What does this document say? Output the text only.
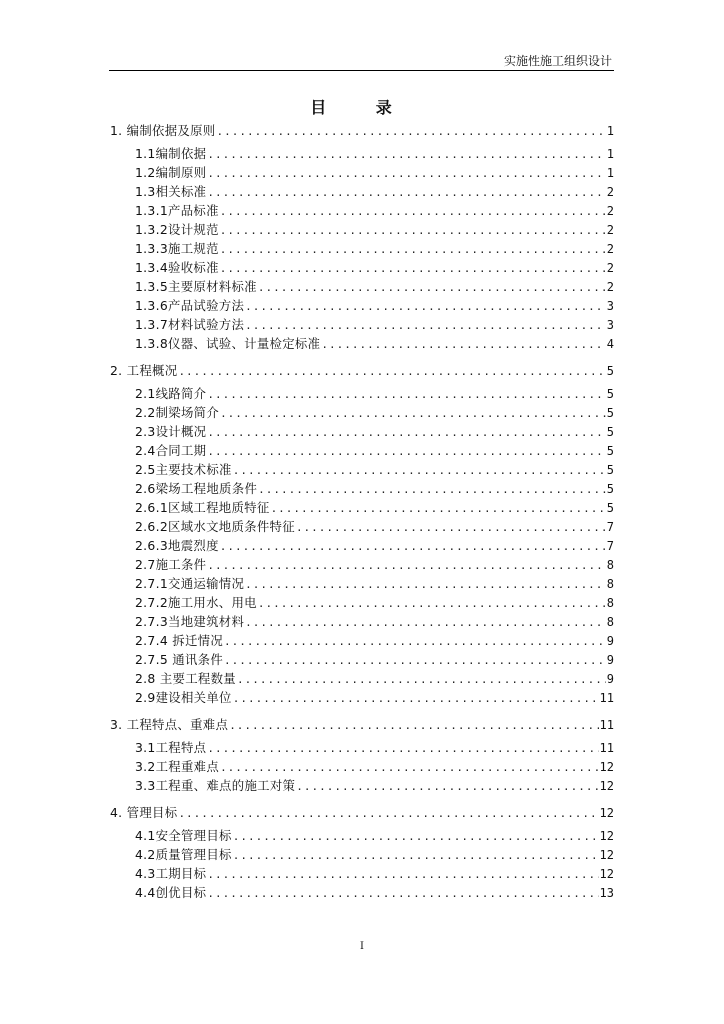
实施性施工组织设计
目 录
1. 编制依据及原则 .....	1
1.1编制依据 .....	1
1.2编制原则 .....	1
1.3相关标准 .....	2
1.3.1产品标准 .....	2
1.3.2设计规范 .....	2
1.3.3施工规范 .....	2
1.3.4验收标准 .....	2
1.3.5主要原材料标准 .....	2
1.3.6产品试验方法 .....	3
1.3.7材料试验方法 .....	3
1.3.8仪器、试验、计量检定标准 .....	4
2. 工程概况 .....	5
2.1线路简介 .....	5
2.2制梁场简介 .....	5
2.3设计概况 .....	5
2.4合同工期 .....	5
2.5主要技术标准 .....	5
2.6梁场工程地质条件 .....	5
2.6.1区域工程地质特征 .....	5
2.6.2区域水文地质条件特征 .....	7
2.6.3地震烈度 .....	7
2.7施工条件 .....	8
2.7.1交通运输情况 .....	8
2.7.2施工用水、用电 .....	8
2.7.3当地建筑材料 .....	8
2.7.4 拆迁情况 .....	9
2.7.5 通讯条件 .....	9
2.8 主要工程数量 .....	9
2.9建设相关单位 .....	11
3. 工程特点、重难点 .....	11
3.1工程特点 .....	11
3.2工程重难点 .....	12
3.3工程重、难点的施工对策 .....	12
4. 管理目标 .....	12
4.1安全管理目标 .....	12
4.2质量管理目标 .....	12
4.3工期目标 .....	12
4.4创优目标 .....	13
I
